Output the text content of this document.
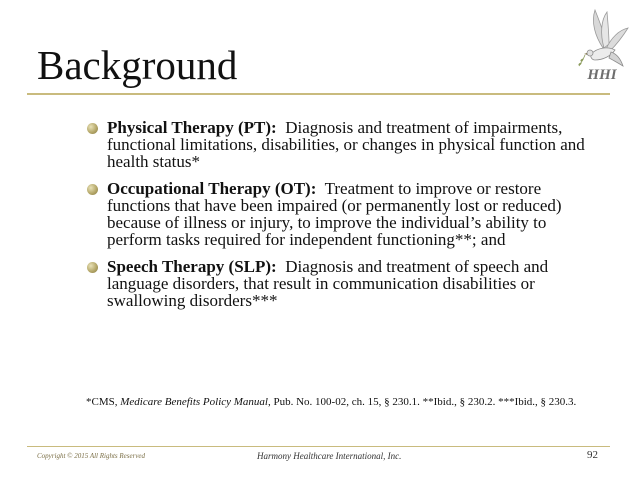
Background	HHI
Physical Therapy (PT): Diagnosis and treatment of impairments, functional limitations, disabilities, or changes in physical function and health status*
Occupational Therapy (OT): Treatment to improve or restore functions that have been impaired (or permanently lost or reduced) because of illness or injury, to improve the individual’s ability to perform tasks required for independent functioning**; and
Speech Therapy (SLP): Diagnosis and treatment of speech and language disorders, that result in communication disabilities or swallowing disorders***
*CMS, Medicare Benefits Policy Manual, Pub. No. 100-02, ch. 15, § 230.1. **Ibid., § 230.2. ***Ibid., § 230.3.
Copyright © 2015 All Rights Reserved	Harmony Healthcare International, Inc.	92
